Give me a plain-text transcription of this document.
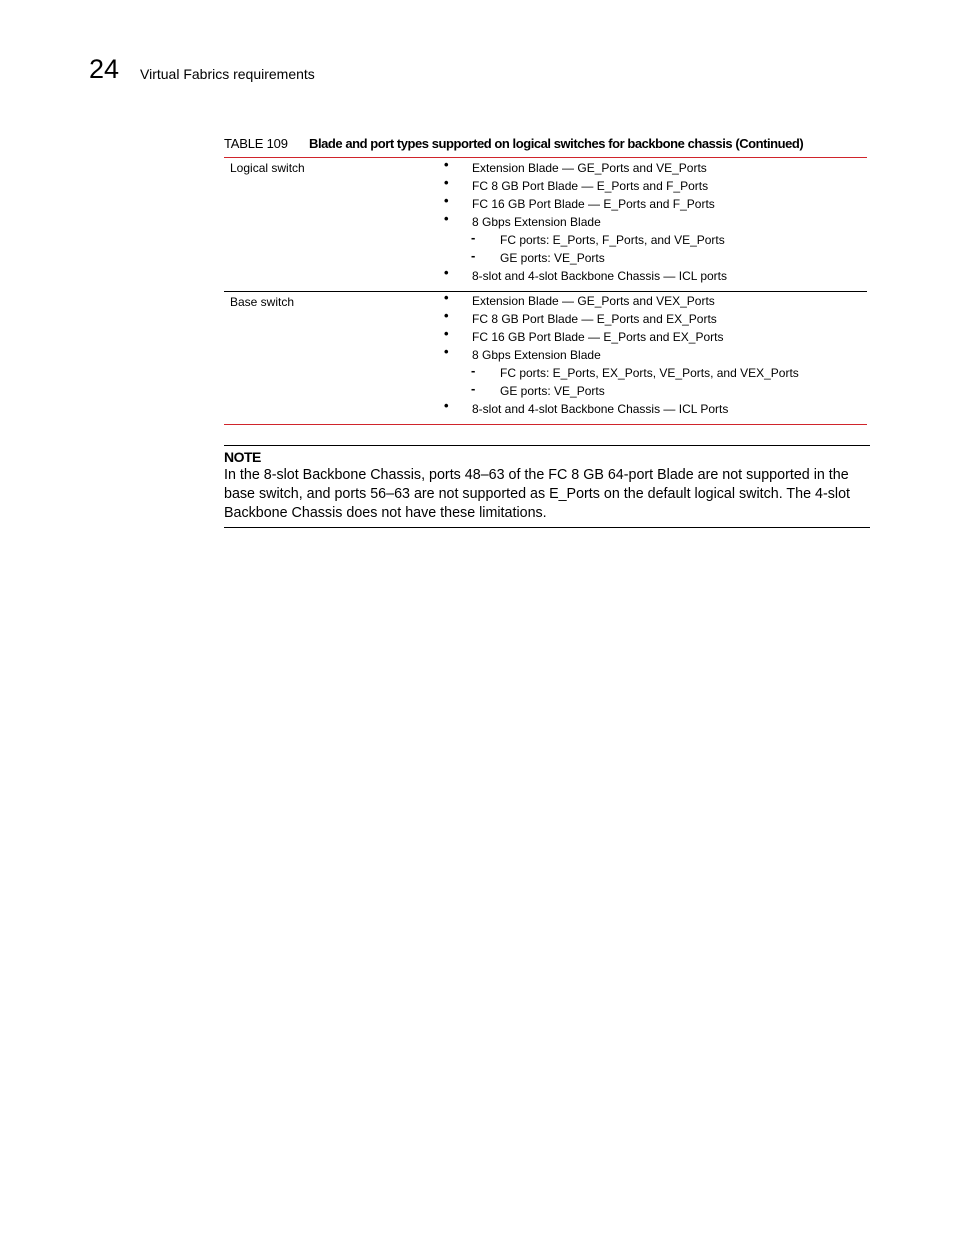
24 Virtual Fabrics requirements
TABLE 109 Blade and port types supported on logical switches for backbone chassis (Continued)
Logical switch	• Extension Blade — GE_Ports and VE_Ports
• FC 8 GB Port Blade — E_Ports and F_Ports
• FC 16 GB Port Blade — E_Ports and F_Ports
• 8 Gbps Extension Blade
- FC ports: E_Ports, F_Ports, and VE_Ports
- GE ports: VE_Ports
• 8-slot and 4-slot Backbone Chassis — ICL ports
Base switch	• Extension Blade — GE_Ports and VEX_Ports
• FC 8 GB Port Blade — E_Ports and EX_Ports
• FC 16 GB Port Blade — E_Ports and EX_Ports
• 8 Gbps Extension Blade
- FC ports: E_Ports, EX_Ports, VE_Ports, and VEX_Ports
- GE ports: VE_Ports
• 8-slot and 4-slot Backbone Chassis — ICL Ports
NOTE
In the 8-slot Backbone Chassis, ports 48–63 of the FC 8 GB 64-port Blade are not supported in the base switch, and ports 56–63 are not supported as E_Ports on the default logical switch. The 4-slot Backbone Chassis does not have these limitations.
